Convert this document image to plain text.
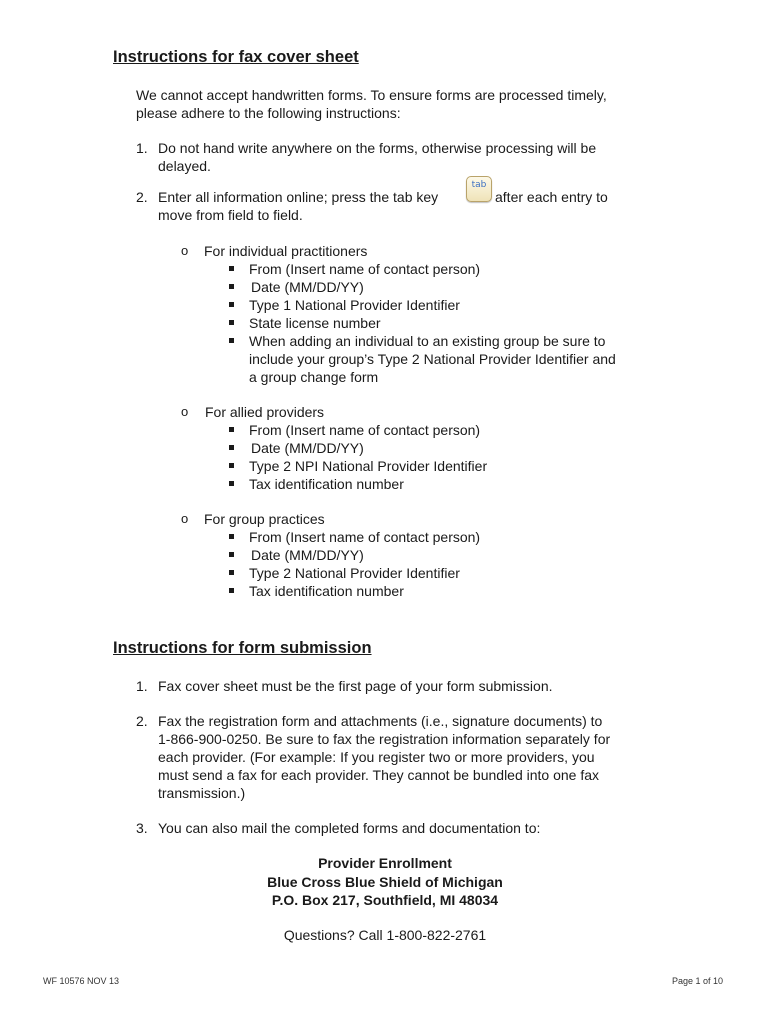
Instructions for fax cover sheet
We cannot accept handwritten forms. To ensure forms are processed timely,
please adhere to the following instructions:
1. Do not hand write anywhere on the forms, otherwise processing will be
delayed.
2. Enter all information online; press the tab key
tab
after each entry to
move from field to field.
o For individual practitioners
From (Insert name of contact person)
Date (MM/DD/YY)
Type 1 National Provider Identifier
State license number
When adding an individual to an existing group be sure to
include your group’s Type 2 National Provider Identifier and
a group change form
o For allied providers
From (Insert name of contact person)
Date (MM/DD/YY)
Type 2 NPI National Provider Identifier
Tax identification number
o For group practices
From (Insert name of contact person)
Date (MM/DD/YY)
Type 2 National Provider Identifier
Tax identification number
Instructions for form submission
1. Fax cover sheet must be the first page of your form submission.
2. Fax the registration form and attachments (i.e., signature documents) to
1-866-900-0250. Be sure to fax the registration information separately for
each provider. (For example: If you register two or more providers, you
must send a fax for each provider. They cannot be bundled into one fax
transmission.)
3. You can also mail the completed forms and documentation to:
Provider Enrollment
Blue Cross Blue Shield of Michigan
P.O. Box 217, Southfield, MI 48034
Questions? Call 1-800-822-2761
WF 10576 NOV 13	Page 1 of 10
